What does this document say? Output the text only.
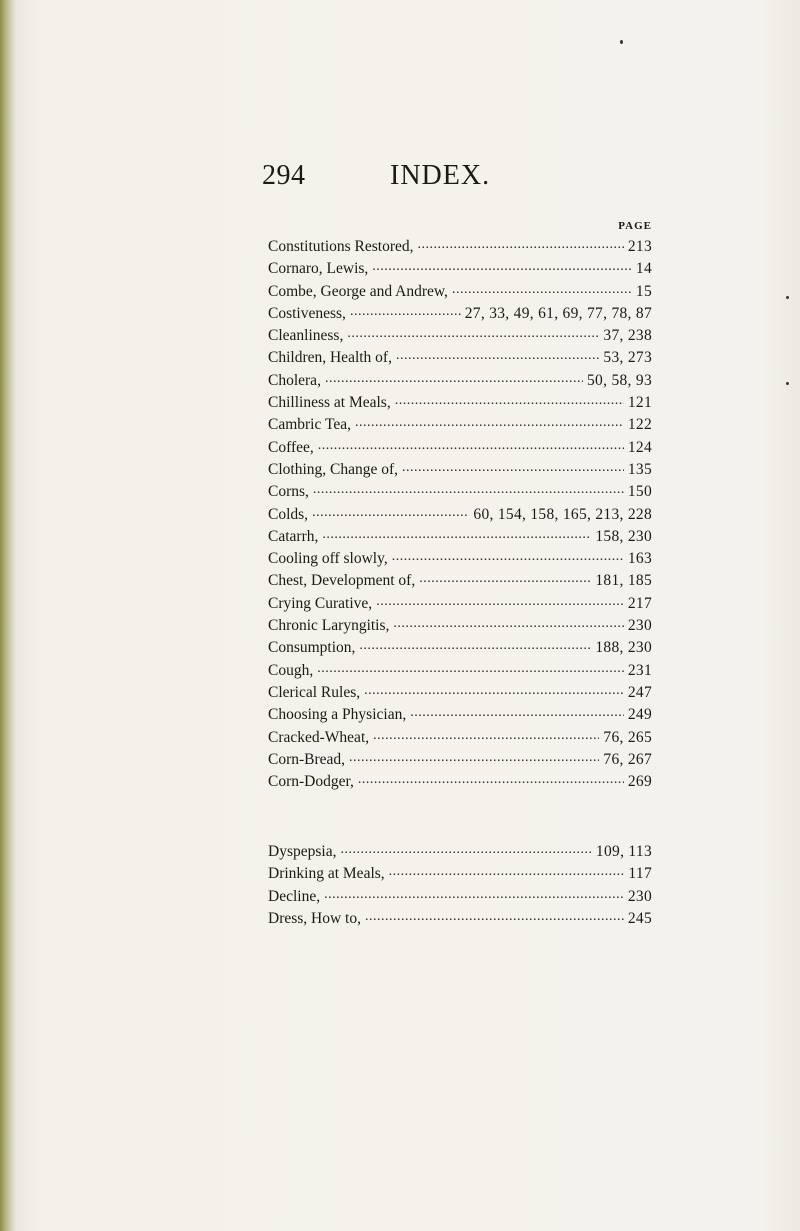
294	INDEX.
PAGE
Constitutions Restored, . . .	213
Cornaro, Lewis, . . .	14
Combe, George and Andrew, . . .	15
Costiveness, . . .	27, 33, 49, 61, 69, 77, 78, 87
Cleanliness, . . .	37, 238
Children, Health of, . . .	53, 273
Cholera, . . .	50, 58, 93
Chilliness at Meals, . . .	121
Cambric Tea, . . .	122
Coffee, . . .	124
Clothing, Change of, . . .	135
Corns, . . .	150
Colds, . . .	60, 154, 158, 165, 213, 228
Catarrh, . . .	158, 230
Cooling off slowly, . . .	163
Chest, Development of, . . .	181, 185
Crying Curative, . . .	217
Chronic Laryngitis, . . .	230
Consumption, . . .	188, 230
Cough, . . .	231
Clerical Rules, . . .	247
Choosing a Physician, . . .	249
Cracked-Wheat, . . .	76, 265
Corn-Bread, . . .	76, 267
Corn-Dodger, . . .	269
Dyspepsia, . . .	109, 113
Drinking at Meals, . . .	117
Decline, . . .	230
Dress, How to, . . .	245
